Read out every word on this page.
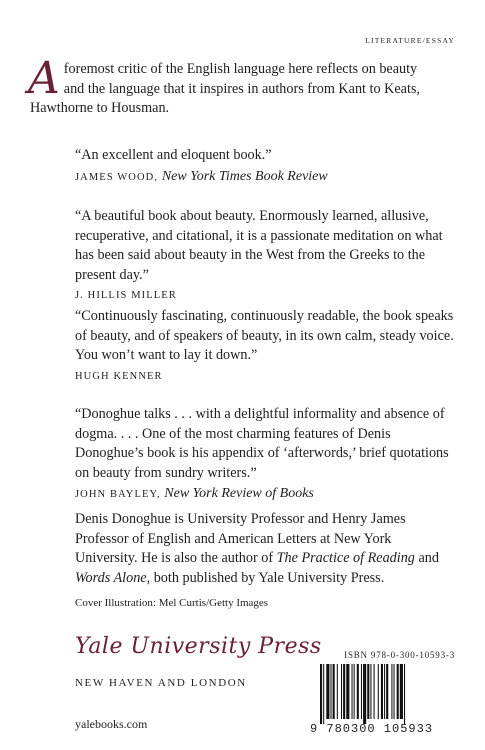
LITERATURE/ESSAY
A foremost critic of the English language here reflects on beauty and the language that it inspires in authors from Kant to Keats, Hawthorne to Housman.

“An excellent and eloquent book.”

JAMES WOOD, New York Times Book Review

“A beautiful book about beauty. Enormously learned, allusive, recuperative, and citational, it is a passionate meditation on what has been said about beauty in the West from the Greeks to the present day.”

J. HILLIS MILLER

“Continuously fascinating, continuously readable, the book speaks of beauty, and of speakers of beauty, in its own calm, steady voice. You won’t want to lay it down.”

HUGH KENNER

“Donoghue talks . . . with a delightful informality and absence of dogma. . . . One of the most charming features of Denis Donoghue’s book is his appendix of ‘afterwords,’ brief quotations on beauty from sundry writers.”

JOHN BAYLEY, New York Review of Books
Denis Donoghue is University Professor and Henry James Professor of English and American Letters at New York University. He is also the author of The Practice of Reading and Words Alone, both published by Yale University Press.
Cover Illustration: Mel Curtis/Getty Images
Yale University Press
NEW HAVEN AND LONDON
yalebooks.com
ISBN 978-0-300-10593-3
9 780300 105933
